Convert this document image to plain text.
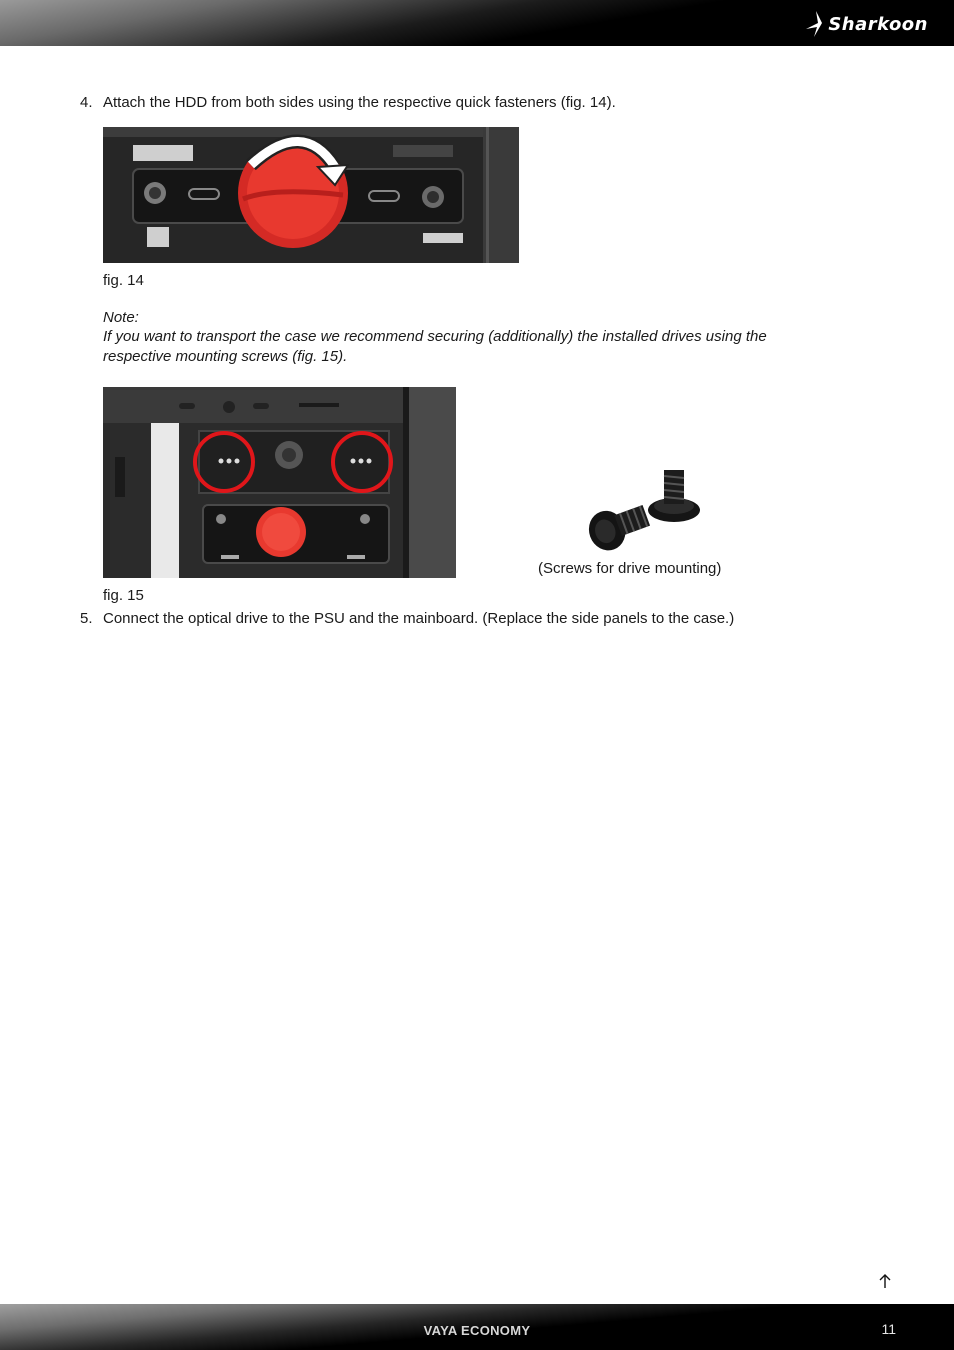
Sharkoon
4. Attach the HDD from both sides using the respective quick fasteners (fig. 14).
fig. 14
Note:
If you want to transport the case we recommend securing (additionally) the installed drives using the
respective mounting screws (fig. 15).
(Screws for drive mounting)
fig. 15
5. Connect the optical drive to the PSU and the mainboard. (Replace the side panels to the case.)
VAYA ECONOMY	11
